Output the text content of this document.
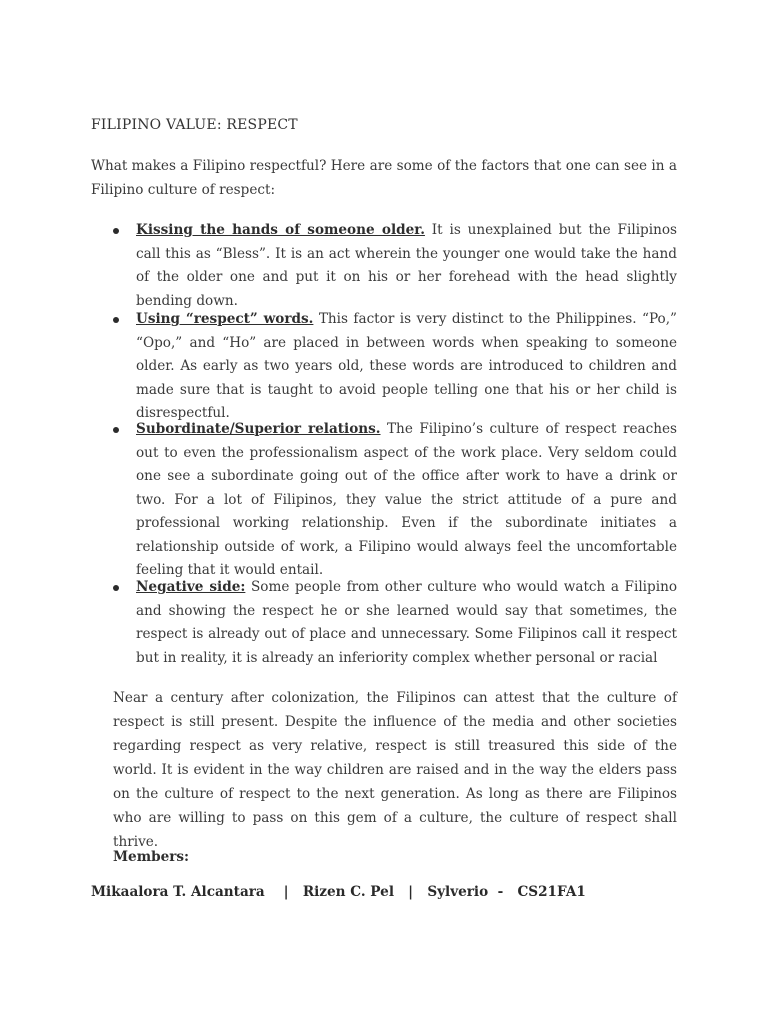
FILIPINO VALUE: RESPECT

What makes a Filipino respectful? Here are some of the factors that one can see in a Filipino culture of respect:

Kissing the hands of someone older. It is unexplained but the Filipinos call this as “Bless”. It is an act wherein the younger one would take the hand of the older one and put it on his or her forehead with the head slightly bending down.

Using “respect” words. This factor is very distinct to the Philippines. “Po,” “Opo,” and “Ho” are placed in between words when speaking to someone older. As early as two years old, these words are introduced to children and made sure that is taught to avoid people telling one that his or her child is disrespectful.

Subordinate/Superior relations. The Filipino’s culture of respect reaches out to even the professionalism aspect of the work place. Very seldom could one see a subordinate going out of the office after work to have a drink or two. For a lot of Filipinos, they value the strict attitude of a pure and professional working relationship. Even if the subordinate initiates a relationship outside of work, a Filipino would always feel the uncomfortable feeling that it would entail.

Negative side: Some people from other culture who would watch a Filipino and showing the respect he or she learned would say that sometimes, the respect is already out of place and unnecessary. Some Filipinos call it respect but in reality, it is already an inferiority complex whether personal or racial

Near a century after colonization, the Filipinos can attest that the culture of respect is still present. Despite the influence of the media and other societies regarding respect as very relative, respect is still treasured this side of the world. It is evident in the way children are raised and in the way the elders pass on the culture of respect to the next generation. As long as there are Filipinos who are willing to pass on this gem of a culture, the culture of respect shall thrive.

Members:

Mikaalora T. Alcantara    |   Rizen C. Pel   |   Sylverio  -   CS21FA1
